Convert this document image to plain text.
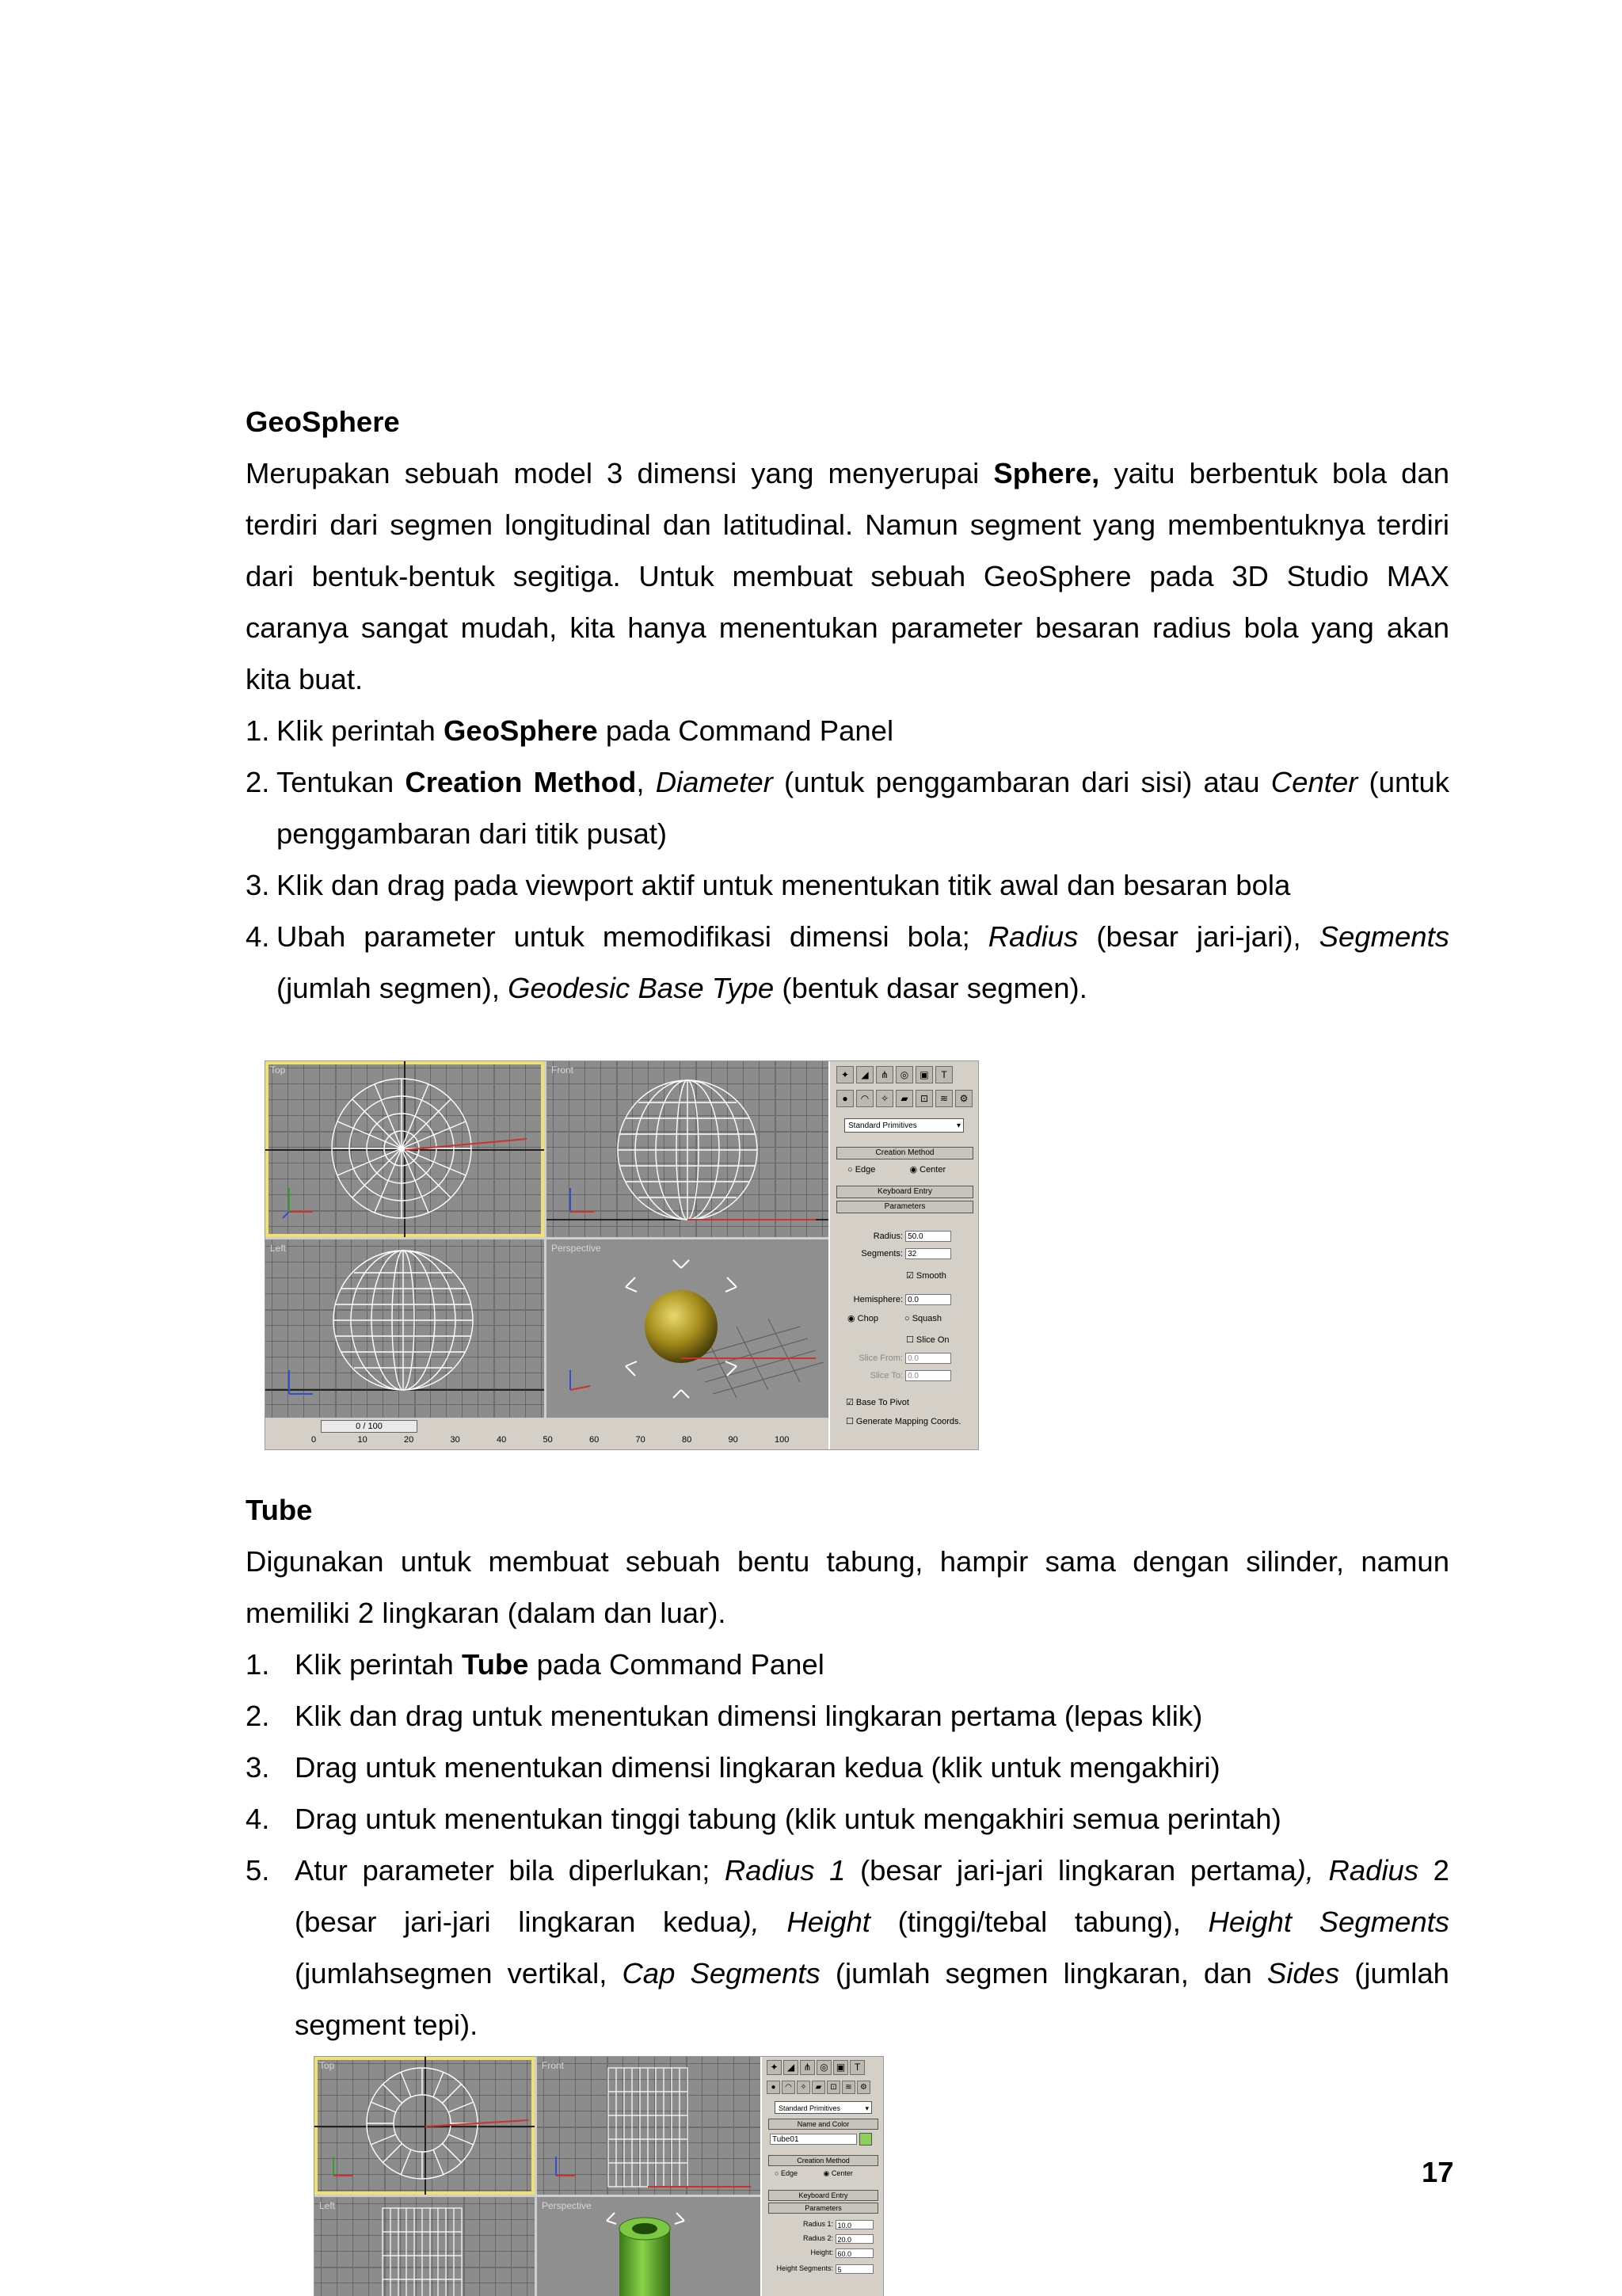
GeoSphere
Merupakan sebuah model 3 dimensi yang menyerupai Sphere, yaitu berbentuk bola dan terdiri dari segmen longitudinal dan latitudinal. Namun segment yang membentuknya terdiri dari bentuk-bentuk segitiga. Untuk membuat sebuah GeoSphere pada 3D Studio MAX caranya sangat mudah, kita hanya menentukan parameter besaran radius bola yang akan kita buat.
1. Klik perintah GeoSphere pada Command Panel
2. Tentukan Creation Method, Diameter (untuk penggambaran dari sisi) atau Center (untuk penggambaran dari titik pusat)
3. Klik dan drag pada viewport aktif untuk menentukan titik awal dan besaran bola
4. Ubah parameter untuk memodifikasi dimensi bola; Radius (besar jari-jari), Segments (jumlah segmen), Geodesic Base Type (bentuk dasar segmen).
Top	Front
Left	Perspective
0 / 100
0	10	20	30	40	50	60	70	80	90	100
✦ ◢ ⋔ ◎ ▣ T
● ◠ ✧ ▰ ⊡ ≋ ⚙
Standard Primitives	▾
Creation Method
○ Edge	◉ Center
Keyboard Entry
Parameters
Radius: 50.0
Segments: 32
☑ Smooth
Hemisphere: 0.0
◉ Chop	○ Squash
☐ Slice On
Slice From: 0.0
Slice To: 0.0
☑ Base To Pivot
☐ Generate Mapping Coords.
Tube
Digunakan untuk membuat sebuah bentu tabung, hampir sama dengan silinder, namun memiliki 2 lingkaran (dalam dan luar).
1. Klik perintah Tube pada Command Panel
2. Klik dan drag untuk menentukan dimensi lingkaran pertama (lepas klik)
3. Drag untuk menentukan dimensi lingkaran kedua (klik untuk mengakhiri)
4. Drag untuk menentukan tinggi tabung (klik untuk mengakhiri semua perintah)
5. Atur parameter bila diperlukan; Radius 1 (besar jari-jari lingkaran pertama), Radius 2 (besar jari-jari lingkaran kedua), Height (tinggi/tebal tabung), Height Segments (jumlahsegmen vertikal, Cap Segments (jumlah segmen lingkaran, dan Sides (jumlah segment tepi).
Top	Front
Left	Perspective
✦ ◢ ⋔ ◎ ▣ T
● ◠ ✧ ▰ ⊡ ≋ ⚙
Standard Primitives	▾
Name and Color
Tube01
Creation Method
○ Edge	◉ Center
Keyboard Entry
Parameters
Radius 1: 10.0
Radius 2: 20.0
Height: 60.0
Height Segments: 5
17
